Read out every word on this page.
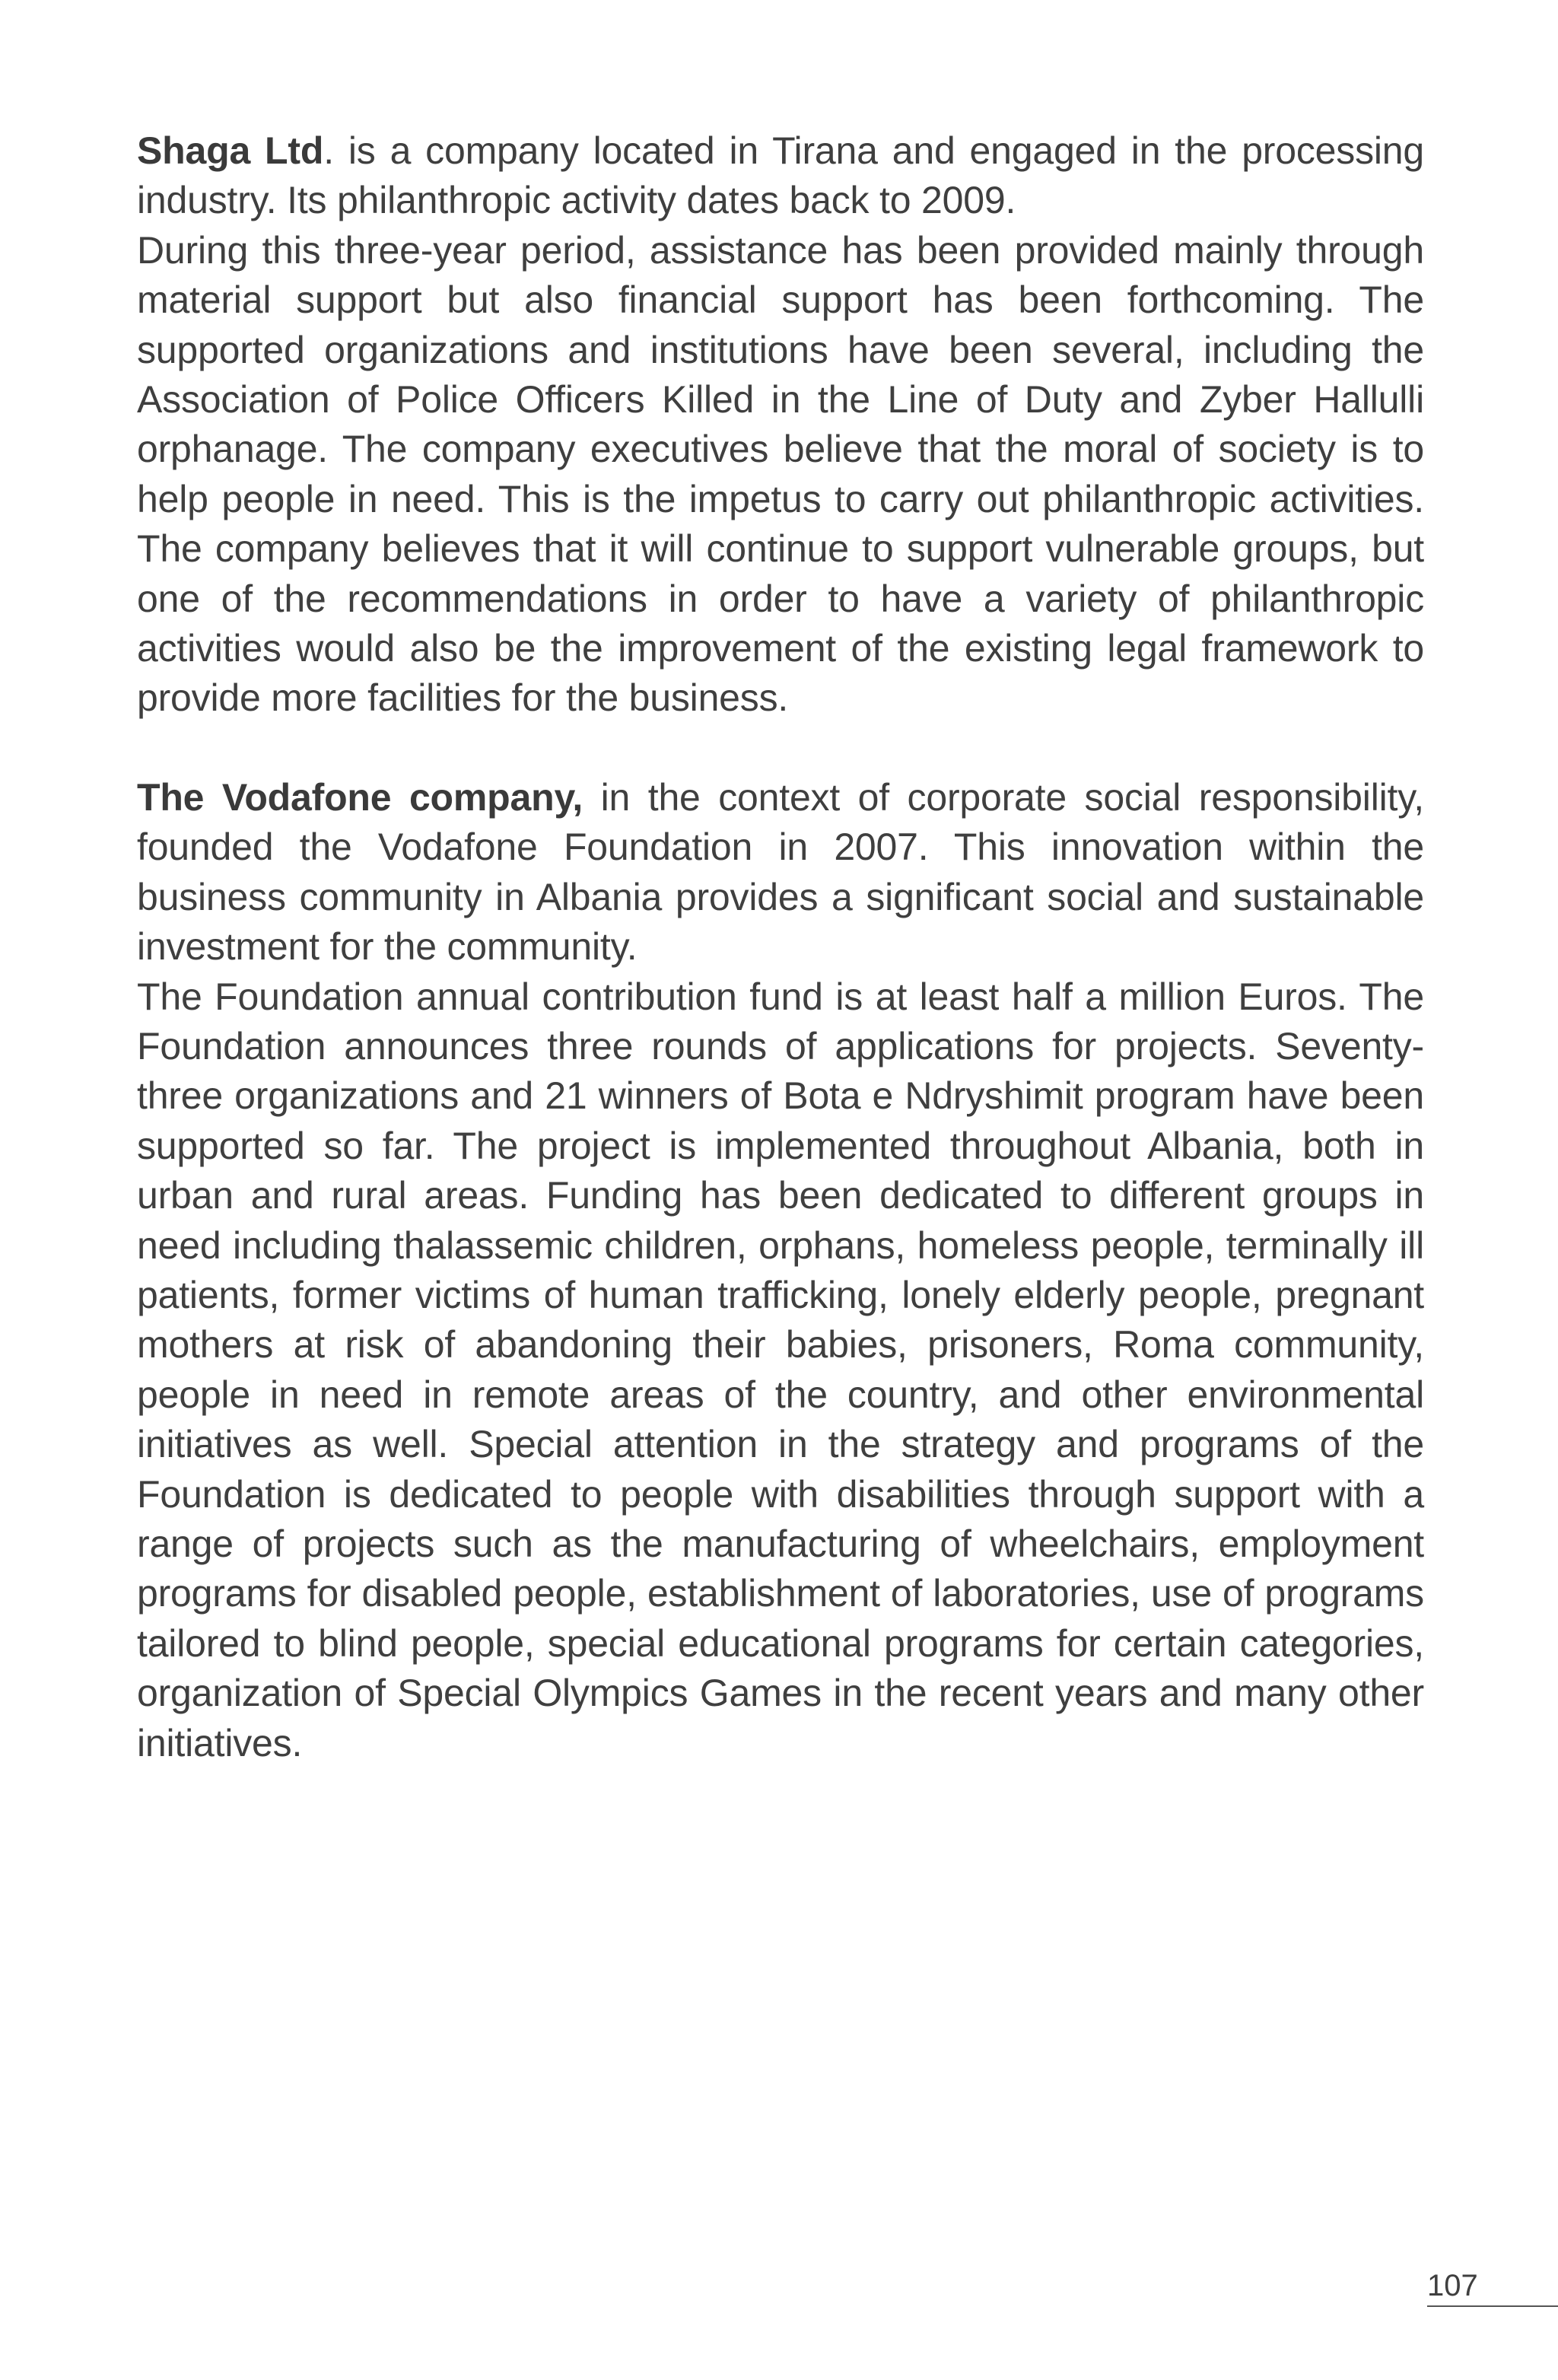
Shaga Ltd. is a company located in Tirana and engaged in the processing industry. Its philanthropic activity dates back to 2009.

During this three-year period, assistance has been provided mainly through material support but also financial support has been forthcoming. The supported organizations and institutions have been several, including the Association of Police Officers Killed in the Line of Duty and Zyber Hallulli orphanage. The company executives believe that the moral of society is to help people in need. This is the impetus to carry out philanthropic activities. The company believes that it will continue to support vulnerable groups, but one of the recommendations in order to have a variety of philanthropic activities would also be the improvement of the existing legal framework to provide more facilities for the business.

The Vodafone company, in the context of corporate social responsibility, founded the Vodafone Foundation in 2007. This innovation within the business community in Albania provides a significant social and sustainable investment for the community.

The Foundation annual contribution fund is at least half a million Euros. The Foundation announces three rounds of applications for projects. Seventy-three organizations and 21 winners of Bota e Ndryshimit program have been supported so far. The project is implemented throughout Albania, both in urban and rural areas. Funding has been dedicated to different groups in need including thalassemic children, orphans, homeless people, terminally ill patients, former victims of human trafficking, lonely elderly people, pregnant mothers at risk of abandoning their babies, prisoners, Roma community, people in need in remote areas of the country, and other environmental initiatives as well. Special attention in the strategy and programs of the Foundation is dedicated to people with disabilities through support with a range of projects such as the manufacturing of wheelchairs, employment programs for disabled people, establishment of laboratories, use of programs tailored to blind people, special educational programs for certain categories, organization of Special Olympics Games in the recent years and many other initiatives.

107
